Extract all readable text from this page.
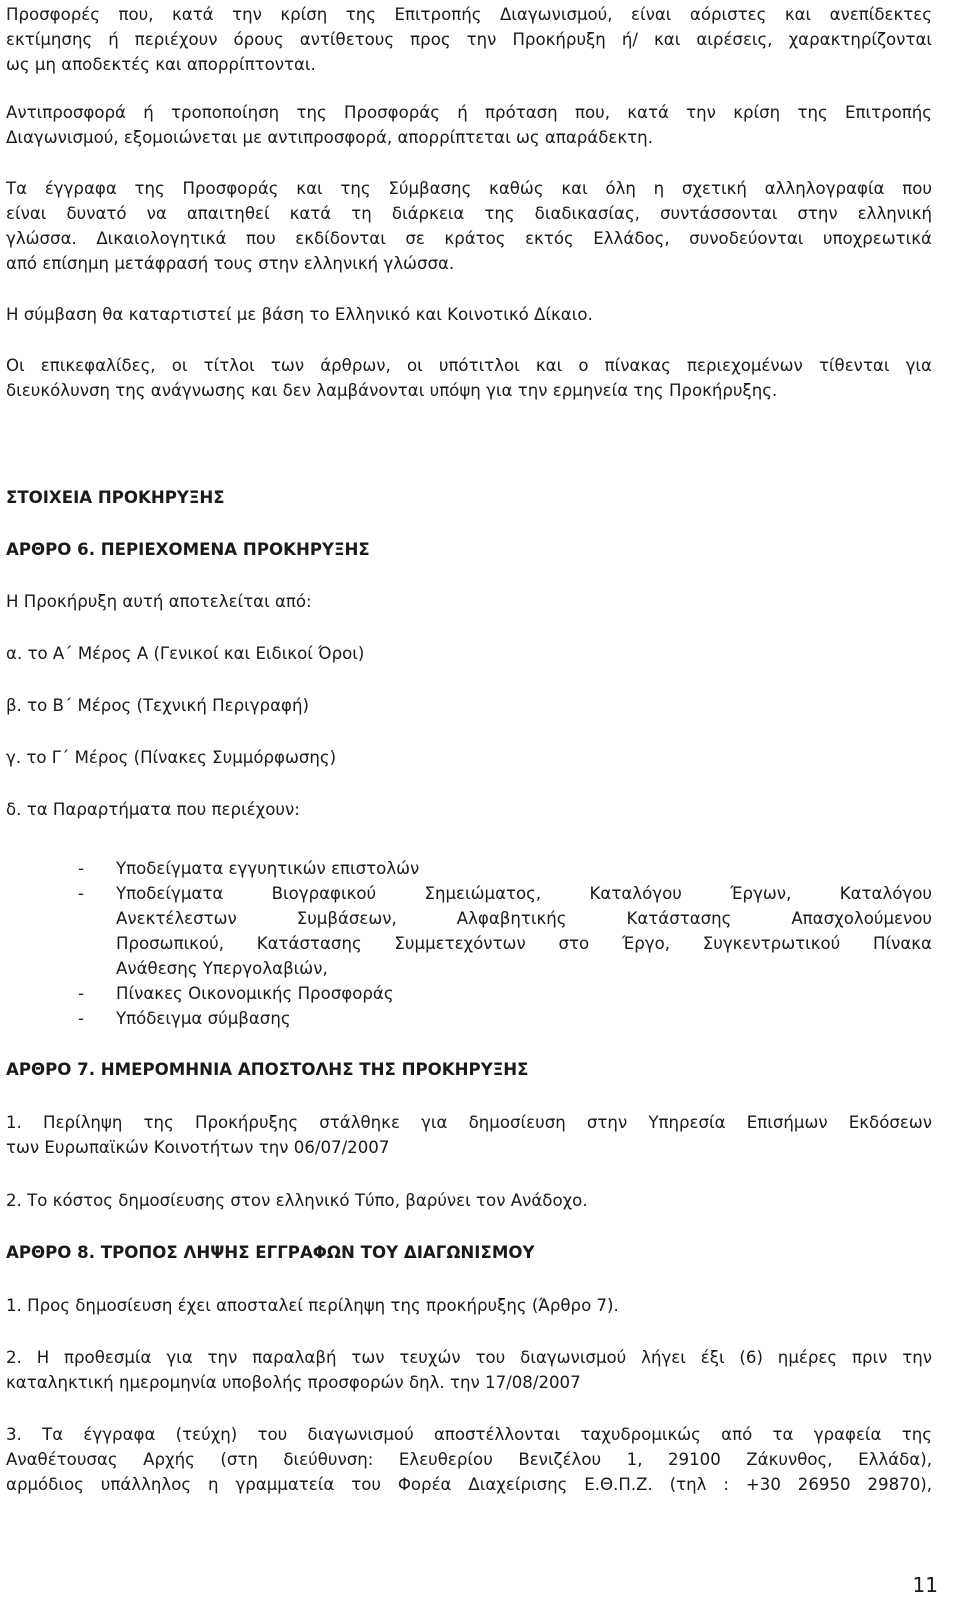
Προσφορές που, κατά την κρίση της Επιτροπής Διαγωνισμού, είναι αόριστες και ανεπίδεκτες
εκτίμησης ή περιέχουν όρους αντίθετους προς την Προκήρυξη ή/ και αιρέσεις, χαρακτηρίζονται
ως μη αποδεκτές και απορρίπτονται.

Αντιπροσφορά ή τροποποίηση της Προσφοράς ή πρόταση που, κατά την κρίση της Επιτροπής
Διαγωνισμού, εξομοιώνεται με αντιπροσφορά, απορρίπτεται ως απαράδεκτη.

Τα έγγραφα της Προσφοράς και της Σύμβασης καθώς και όλη η σχετική αλληλογραφία που
είναι δυνατό να απαιτηθεί κατά τη διάρκεια της διαδικασίας, συντάσσονται στην ελληνική
γλώσσα. Δικαιολογητικά που εκδίδονται σε κράτος εκτός Ελλάδος, συνοδεύονται υποχρεωτικά
από επίσημη μετάφρασή τους στην ελληνική γλώσσα.

Η σύμβαση θα καταρτιστεί με βάση το Ελληνικό και Κοινοτικό Δίκαιο.

Οι επικεφαλίδες, οι τίτλοι των άρθρων, οι υπότιτλοι και ο πίνακας περιεχομένων τίθενται για
διευκόλυνση της ανάγνωσης και δεν λαμβάνονται υπόψη για την ερμηνεία της Προκήρυξης.

ΣΤΟΙΧΕΙΑ ΠΡΟΚΗΡΥΞΗΣ
ΑΡΘΡΟ 6. ΠΕΡΙΕΧΟΜΕΝΑ ΠΡΟΚΗΡΥΞΗΣ
Η Προκήρυξη αυτή αποτελείται από:
α. το Α΄ Μέρος Α (Γενικοί και Ειδικοί Όροι)
β. το Β΄ Μέρος (Τεχνική Περιγραφή)
γ. το Γ΄ Μέρος (Πίνακες Συμμόρφωσης)
δ. τα Παραρτήματα που περιέχουν:
- Υποδείγματα εγγυητικών επιστολών
- Υποδείγματα Βιογραφικού Σημειώματος, Καταλόγου Έργων, Καταλόγου
Ανεκτέλεστων Συμβάσεων, Αλφαβητικής Κατάστασης Απασχολούμενου
Προσωπικού, Κατάστασης Συμμετεχόντων στο Έργο, Συγκεντρωτικού Πίνακα
Ανάθεσης Υπεργολαβιών,
- Πίνακες Οικονομικής Προσφοράς
- Υπόδειγμα σύμβασης
ΑΡΘΡΟ 7. ΗΜΕΡΟΜΗΝΙΑ ΑΠΟΣΤΟΛΗΣ ΤΗΣ ΠΡΟΚΗΡΥΞΗΣ

1. Περίληψη της Προκήρυξης στάλθηκε για δημοσίευση στην Υπηρεσία Επισήμων Εκδόσεων
των Ευρωπαϊκών Κοινοτήτων την 06/07/2007

2. Το κόστος δημοσίευσης στον ελληνικό Τύπο, βαρύνει τον Ανάδοχο.
ΑΡΘΡΟ 8. ΤΡΟΠΟΣ ΛΗΨΗΣ ΕΓΓΡΑΦΩΝ ΤΟΥ ΔΙΑΓΩΝΙΣΜΟΥ
1. Προς δημοσίευση έχει αποσταλεί περίληψη της προκήρυξης (Άρθρο 7).

2. Η προθεσμία για την παραλαβή των τευχών του διαγωνισμού λήγει έξι (6) ημέρες πριν την
καταληκτική ημερομηνία υποβολής προσφορών δηλ. την 17/08/2007

3. Τα έγγραφα (τεύχη) του διαγωνισμού αποστέλλονται ταχυδρομικώς από τα γραφεία της
Αναθέτουσας Αρχής (στη διεύθυνση: Ελευθερίου Βενιζέλου 1, 29100 Ζάκυνθος, Ελλάδα),
αρμόδιος υπάλληλος η γραμματεία του Φορέα Διαχείρισης Ε.Θ.Π.Ζ. (τηλ : +30 26950 29870),

11
